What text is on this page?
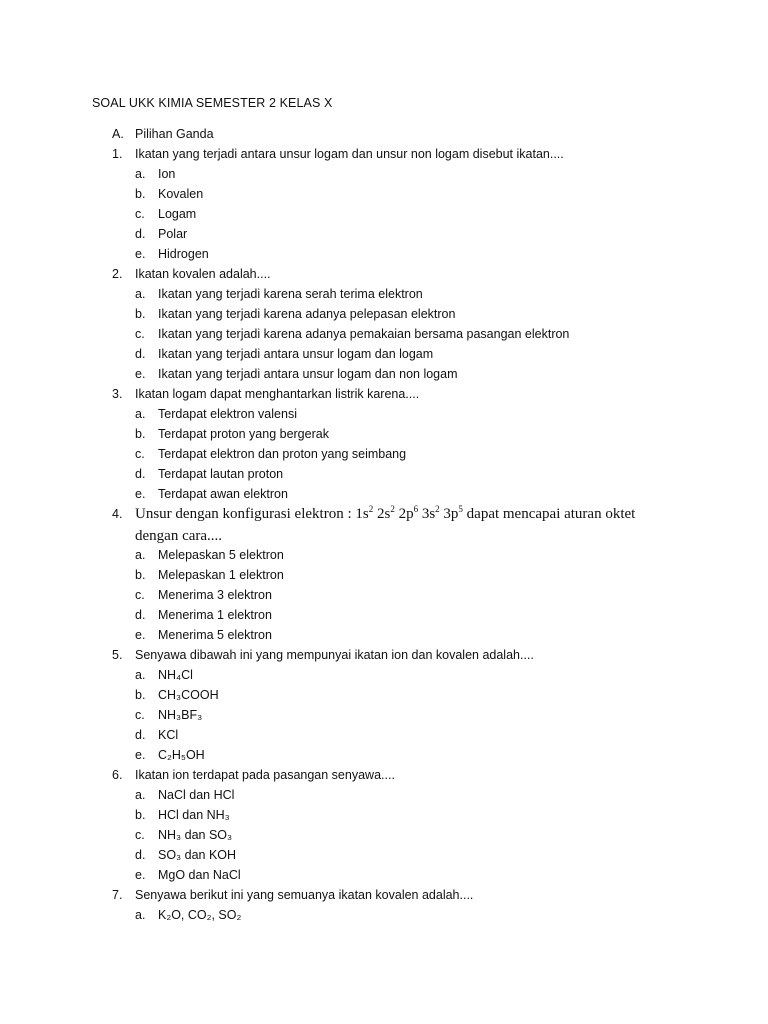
SOAL UKK KIMIA SEMESTER 2 KELAS X
A. Pilihan Ganda
1. Ikatan yang terjadi antara unsur logam dan unsur non logam disebut ikatan....
a. Ion
b. Kovalen
c. Logam
d. Polar
e. Hidrogen
2. Ikatan kovalen adalah....
a. Ikatan yang terjadi karena serah terima elektron
b. Ikatan yang terjadi karena adanya pelepasan elektron
c. Ikatan yang terjadi karena adanya pemakaian bersama pasangan elektron
d. Ikatan yang terjadi antara unsur logam dan logam
e. Ikatan yang terjadi antara unsur logam dan non logam
3. Ikatan logam dapat menghantarkan listrik karena....
a. Terdapat elektron valensi
b. Terdapat proton yang bergerak
c. Terdapat elektron dan proton yang seimbang
d. Terdapat lautan proton
e. Terdapat awan elektron
4. Unsur dengan konfigurasi elektron : $1s^2$ $2s^2$ $2p^6$ $3s^2$ $3p^5$ dapat mencapai aturan oktet
dengan cara....
a. Melepaskan 5 elektron
b. Melepaskan 1 elektron
c. Menerima 3 elektron
d. Menerima 1 elektron
e. Menerima 5 elektron
5. Senyawa dibawah ini yang mempunyai ikatan ion dan kovalen adalah....
a. NH₄Cl
b. CH₃COOH
c. NH₃BF₃
d. KCl
e. C₂H₅OH
6. Ikatan ion terdapat pada pasangan senyawa....
a. NaCl dan HCl
b. HCl dan NH₃
c. NH₃ dan SO₃
d. SO₃ dan KOH
e. MgO dan NaCl
7. Senyawa berikut ini yang semuanya ikatan kovalen adalah....
a. K₂O, CO₂, SO₂
